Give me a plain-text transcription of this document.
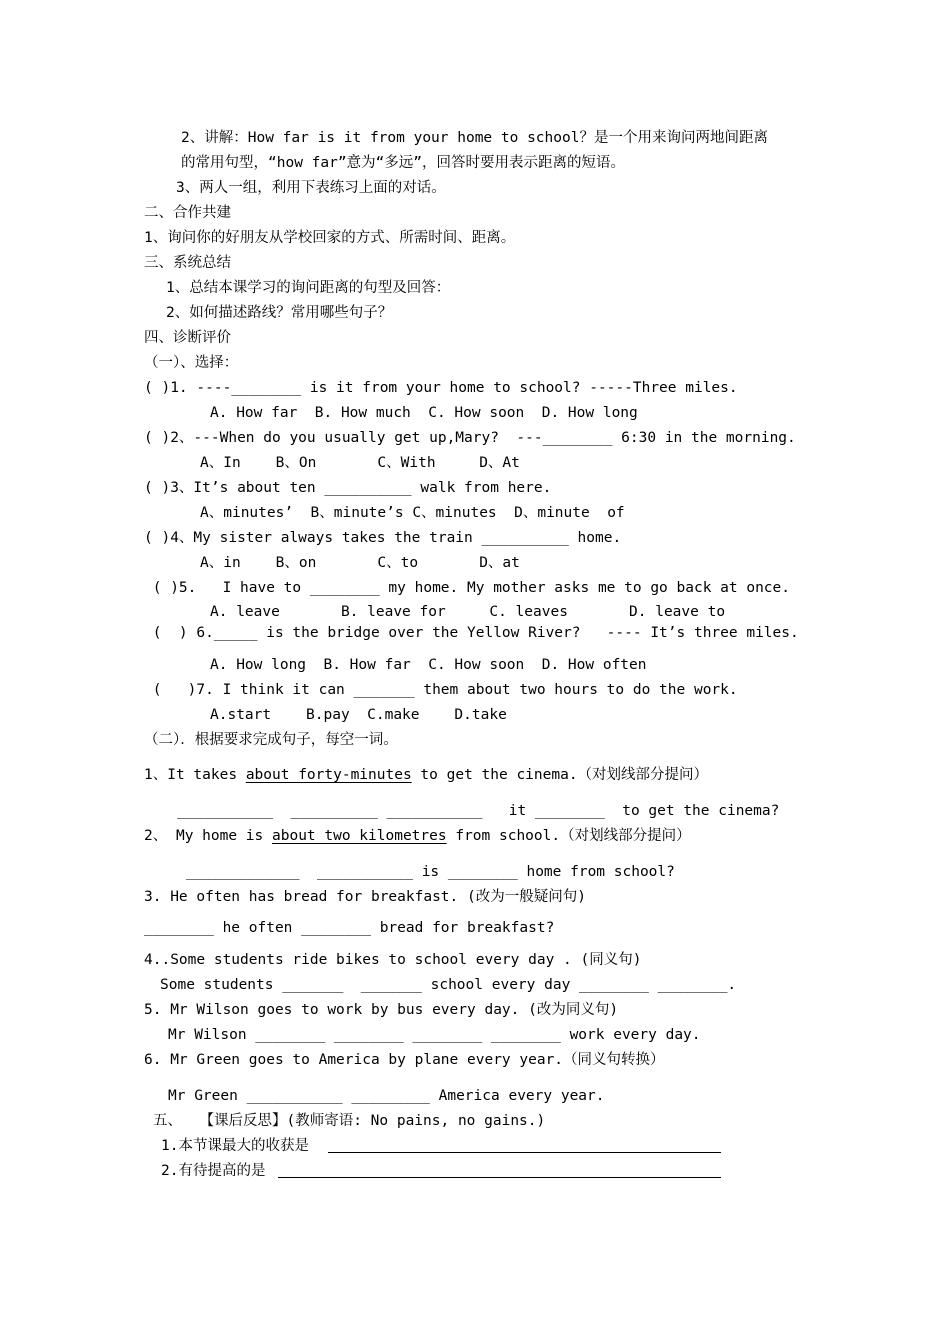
2、讲解：How far is it from your home to school？是一个用来询问两地间距离
的常用句型，“how far”意为“多远”，回答时要用表示距离的短语。
3、两人一组，利用下表练习上面的对话。
二、合作共建
1、询问你的好朋友从学校回家的方式、所需时间、距离。
三、系统总结
1、总结本课学习的询问距离的句型及回答：
2、如何描述路线？常用哪些句子？
四、诊断评价
（一）、选择：
( )1. ----________ is it from your home to school? -----Three miles.
A. How far  B. How much  C. How soon  D. How long
( )2、---When do you usually get up,Mary?  ---________ 6:30 in the morning.
A、In    B、On       C、With     D、At
( )3、It’s about ten __________ walk from here.
A、minutes’  B、minute’s C、minutes  D、minute  of
( )4、My sister always takes the train __________ home.
A、in    B、on       C、to       D、at
( )5.   I have to ________ my home. My mother asks me to go back at once.
A. leave       B. leave for     C. leaves       D. leave to
(  ) 6._____ is the bridge over the Yellow River?   ---- It’s three miles.
A. How long  B. How far  C. How soon  D. How often
(   )7. I think it can _______ them about two hours to do the work.
A.start    B.pay  C.make    D.take
（二）．根据要求完成句子，每空一词。
1、It takes about forty-minutes to get the cinema.（对划线部分提问）
___________  __________ ___________   it ________  to get the cinema?
2、 My home is about two kilometres from school.（对划线部分提问）
_____________  ___________ is ________ home from school?
3. He often has bread for breakfast. (改为一般疑问句)
________ he often ________ bread for breakfast?
4..Some students ride bikes to school every day . (同义句)
Some students _______  _______ school every day ________ ________.
5. Mr Wilson goes to work by bus every day. (改为同义句)
Mr Wilson ________ ________ ________ ________ work every day.
6. Mr Green goes to America by plane every year.（同义句转换）
Mr Green ___________ _________ America every year.
五、  【课后反思】(教师寄语: No pains, no gains.)
1.本节课最大的收获是
2.有待提高的是
